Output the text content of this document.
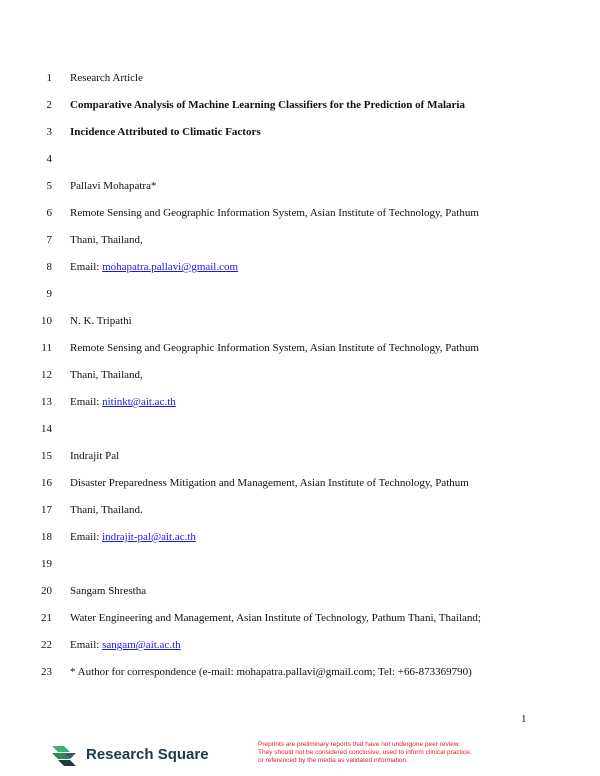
1 Research Article
2 Comparative Analysis of Machine Learning Classifiers for the Prediction of Malaria
3 Incidence Attributed to Climatic Factors
4
5 Pallavi Mohapatra*
6 Remote Sensing and Geographic Information System, Asian Institute of Technology, Pathum
7 Thani, Thailand,
8 Email: mohapatra.pallavi@gmail.com
9
10 N. K. Tripathi
11 Remote Sensing and Geographic Information System, Asian Institute of Technology, Pathum
12 Thani, Thailand,
13 Email: nitinkt@ait.ac.th
14
15 Indrajit Pal
16 Disaster Preparedness Mitigation and Management, Asian Institute of Technology, Pathum
17 Thani, Thailand.
18 Email: indrajit-pal@ait.ac.th
19
20 Sangam Shrestha
21 Water Engineering and Management, Asian Institute of Technology, Pathum Thani, Thailand;
22 Email: sangam@ait.ac.th
23 * Author for correspondence (e-mail: mohapatra.pallavi@gmail.com; Tel: +66-873369790)
1
Research Square
Preprints are preliminary reports that have not undergone peer review.
They should not be considered conclusive, used to inform clinical practice,
or referenced by the media as validated information.
